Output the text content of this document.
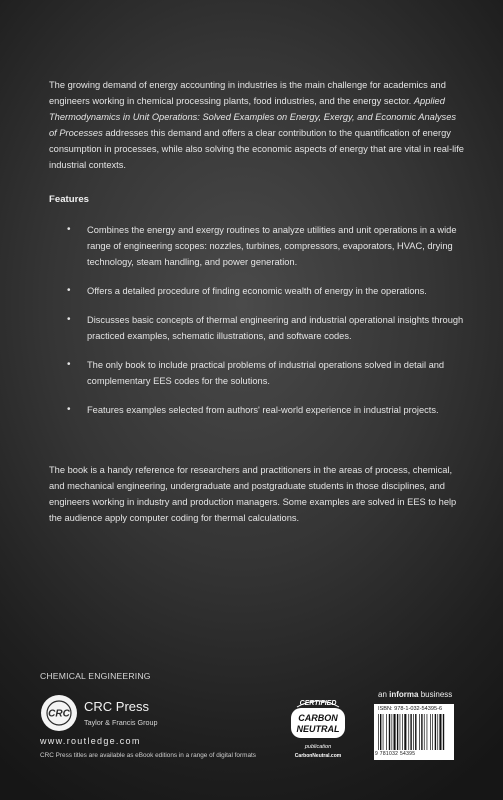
The growing demand of energy accounting in industries is the main challenge for academics and engineers working in chemical processing plants, food industries, and the energy sector. Applied Thermodynamics in Unit Operations: Solved Examples on Energy, Exergy, and Economic Analyses of Processes addresses this demand and offers a clear contribution to the quantification of energy consumption in processes, while also solving the economic aspects of energy that are vital in real-life industrial contexts.
Features
• Combines the energy and exergy routines to analyze utilities and unit operations in a wide range of engineering scopes: nozzles, turbines, compressors, evaporators, HVAC, drying technology, steam handling, and power generation.
• Offers a detailed procedure of finding economic wealth of energy in the operations.
• Discusses basic concepts of thermal engineering and industrial operational insights through practiced examples, schematic illustrations, and software codes.
• The only book to include practical problems of industrial operations solved in detail and complementary EES codes for the solutions.
• Features examples selected from authors' real-world experience in industrial projects.
The book is a handy reference for researchers and practitioners in the areas of process, chemical, and mechanical engineering, undergraduate and postgraduate students in those disciplines, and engineers working in industry and production managers. Some examples are solved in EES to help the audience apply computer coding for thermal calculations.
CHEMICAL ENGINEERING
CRC CRC Press
Taylor & Francis Group
www.routledge.com
CRC Press titles are available as eBook editions in a range of digital formats
CERTIFIED
CARBON
NEUTRAL
publication
CarbonNeutral.com
an informa business
ISBN: 978-1-032-54395-6
9 781032 54395
